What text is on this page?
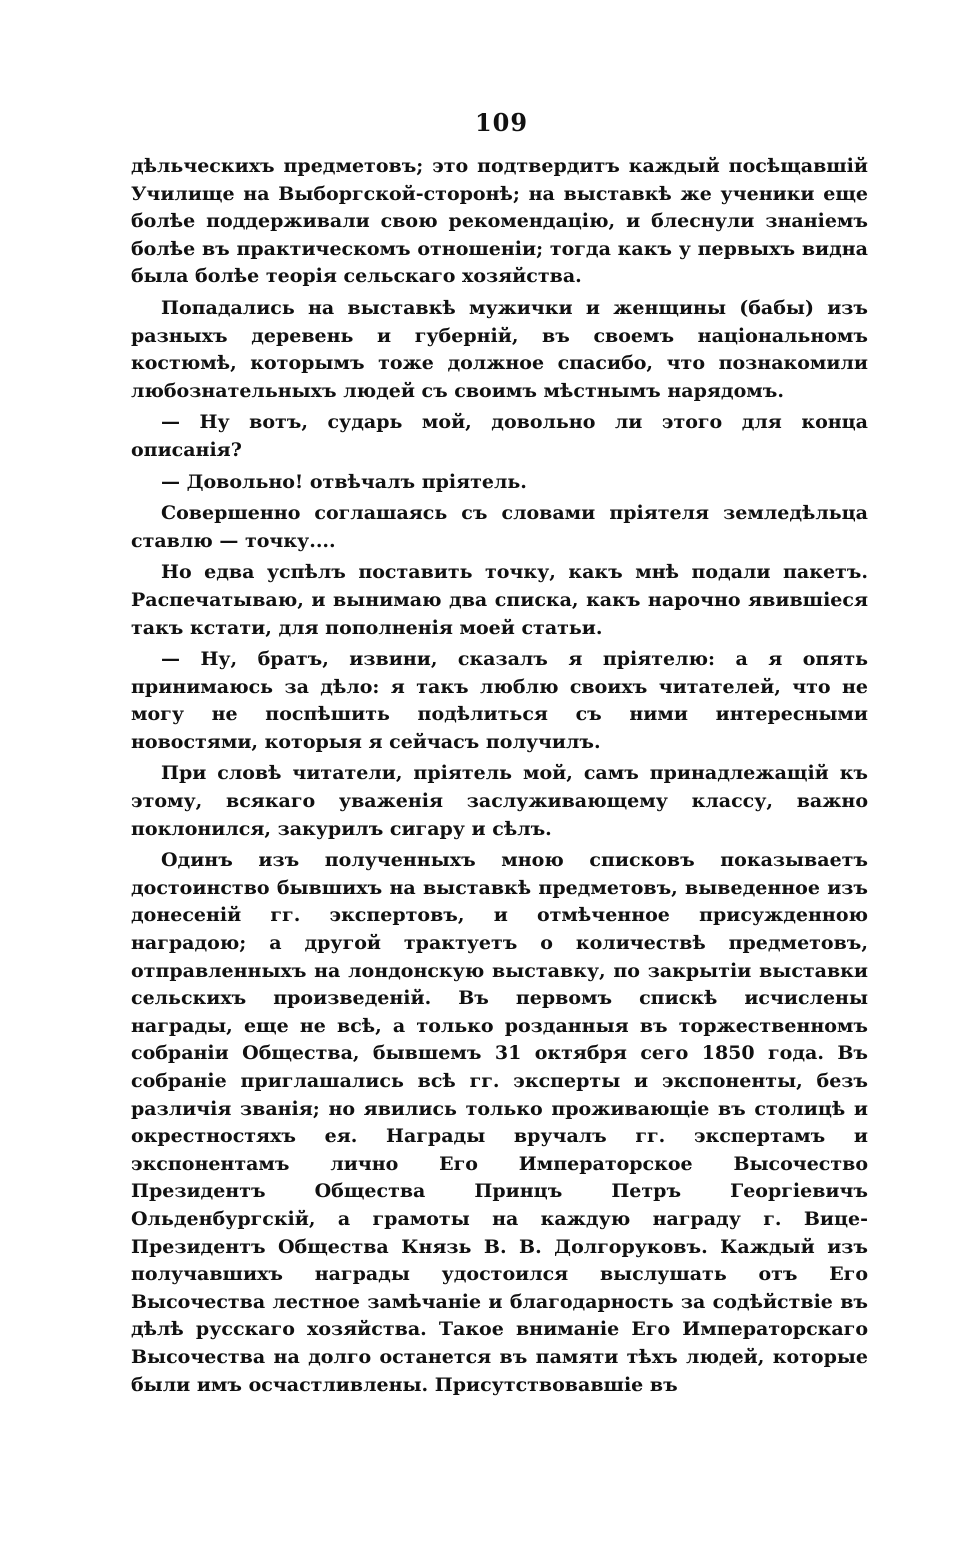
109

дѣльческихъ предметовъ; это подтвердитъ каждый посѣщавшій Училище на Выборгской-сторонѣ; на выставкѣ же ученики еще болѣе поддерживали свою рекомендацію, и блеснули знаніемъ болѣе въ практическомъ отношеніи; тогда какъ у первыхъ видна была болѣе теорія сельскаго хозяйства.

Попадались на выставкѣ мужички и женщины (бабы) изъ разныхъ деревень и губерній, въ своемъ національномъ костюмѣ, которымъ тоже должное спасибо, что познакомили любознательныхъ людей съ своимъ мѣстнымъ нарядомъ.

— Ну вотъ, сударь мой, довольно ли этого для конца описанія?

— Довольно! отвѣчалъ пріятель.

Совершенно соглашаясь съ словами пріятеля земледѣльца ставлю — точку....

Но едва успѣлъ поставить точку, какъ мнѣ подали пакетъ. Распечатываю, и вынимаю два списка, какъ нарочно явившіеся такъ кстати, для пополненія моей статьи.

— Ну, братъ, извини, сказалъ я пріятелю: а я опять принимаюсь за дѣло: я такъ люблю своихъ читателей, что не могу не поспѣшить подѣлиться съ ними интересными новостями, которыя я сейчасъ получилъ.

При словѣ читатели, пріятель мой, самъ принадлежащій къ этому, всякаго уваженія заслуживающему классу, важно поклонился, закурилъ сигару и сѣлъ.

Одинъ изъ полученныхъ мною списковъ показываетъ достоинство бывшихъ на выставкѣ предметовъ, выведенное изъ донесеній гг. экспертовъ, и отмѣченное присужденною наградою; а другой трактуетъ о количествѣ предметовъ, отправленныхъ на лондонскую выставку, по закрытіи выставки сельскихъ произведеній. Въ первомъ спискѣ исчислены награды, еще не всѣ, а только розданныя въ торжественномъ собраніи Общества, бывшемъ 31 октября сего 1850 года. Въ собраніе приглашались всѣ гг. эксперты и экспоненты, безъ различія званія; но явились только проживающіе въ столицѣ и окрестностяхъ ея. Награды вручалъ гг. экспертамъ и экспонентамъ лично Его Императорское Высочество Президентъ Общества Принцъ Петръ Георгіевичъ Ольденбургскій, а грамоты на каждую награду г. Вице-Президентъ Общества Князь В. В. Долгоруковъ. Каждый изъ получавшихъ награды удостоился выслушать отъ Его Высочества лестное замѣчаніе и благодарность за содѣйствіе въ дѣлѣ русскаго хозяйства. Такое вниманіе Его Императорскаго Высочества на долго останется въ памяти тѣхъ людей, которые были имъ осчастливлены. Присутствовавшіе въ
